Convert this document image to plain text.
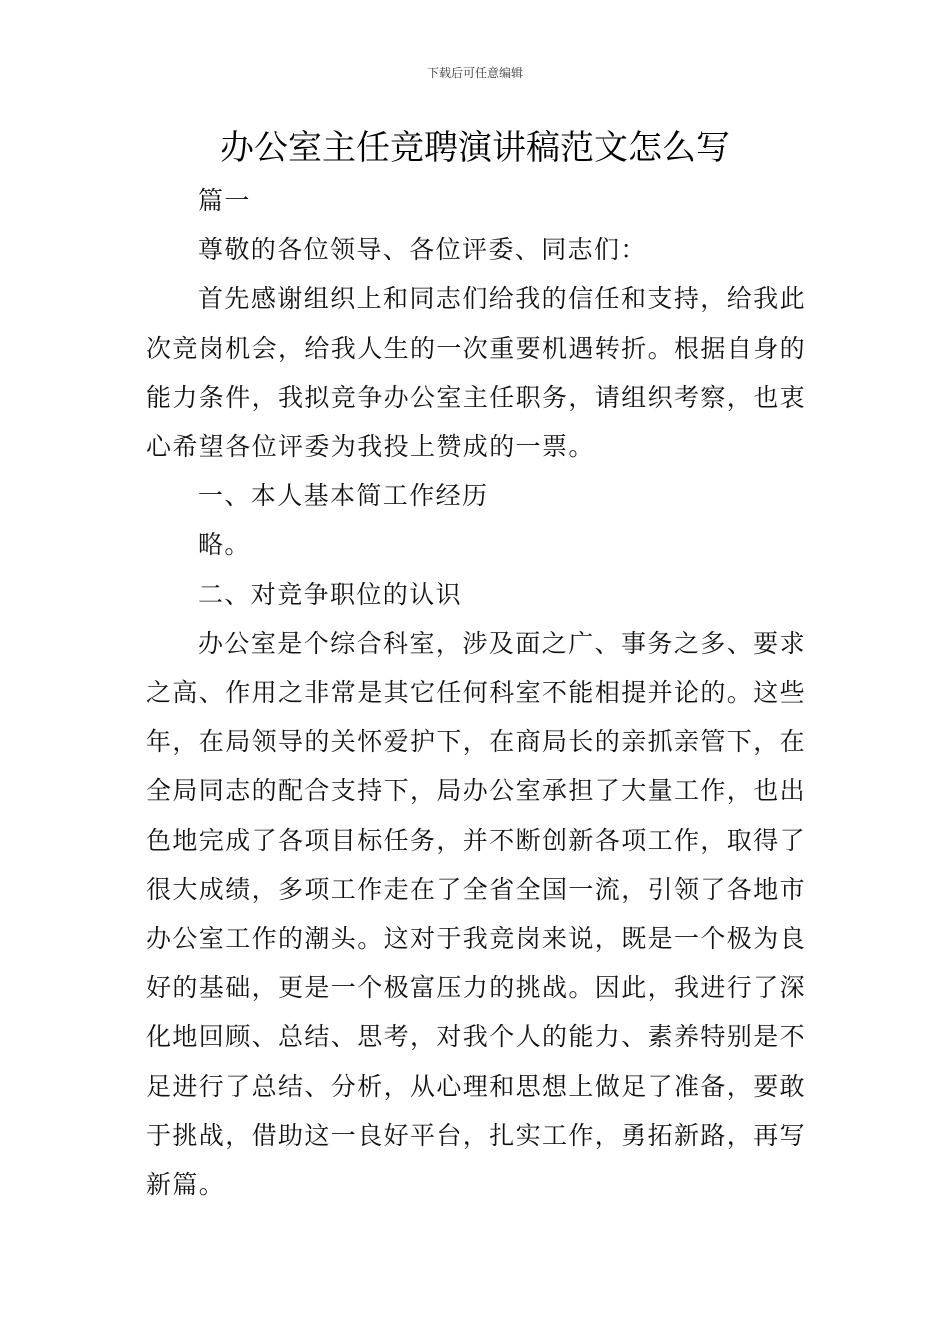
下载后可任意编辑
办公室主任竞聘演讲稿范文怎么写

篇一

尊敬的各位领导、各位评委、同志们：

首先感谢组织上和同志们给我的信任和支持，给我此次竞岗机会，给我人生的一次重要机遇转折。根据自身的能力条件，我拟竞争办公室主任职务，请组织考察，也衷心希望各位评委为我投上赞成的一票。

一、本人基本简工作经历

略。

二、对竞争职位的认识

办公室是个综合科室，涉及面之广、事务之多、要求之高、作用之非常是其它任何科室不能相提并论的。这些年，在局领导的关怀爱护下，在商局长的亲抓亲管下，在全局同志的配合支持下，局办公室承担了大量工作，也出色地完成了各项目标任务，并不断创新各项工作，取得了很大成绩，多项工作走在了全省全国一流，引领了各地市办公室工作的潮头。这对于我竞岗来说，既是一个极为良好的基础，更是一个极富压力的挑战。因此，我进行了深化地回顾、总结、思考，对我个人的能力、素养特别是不足进行了总结、分析，从心理和思想上做足了准备，要敢于挑战，借助这一良好平台，扎实工作，勇拓新路，再写新篇。
